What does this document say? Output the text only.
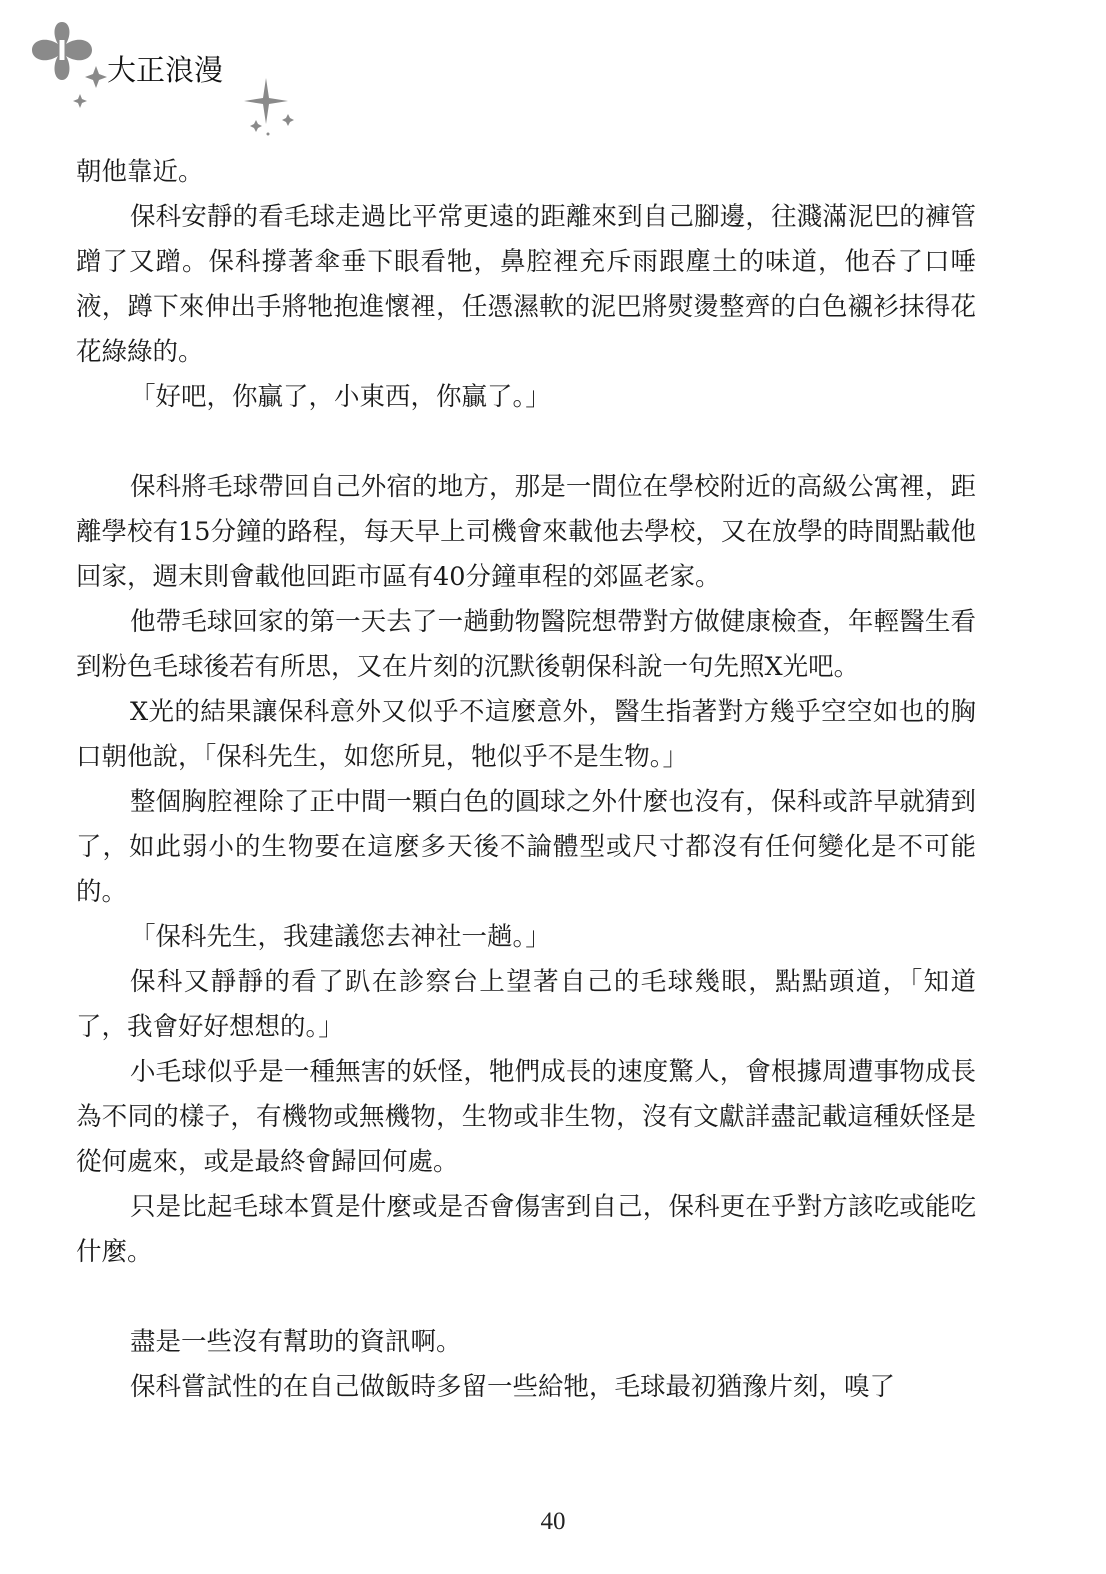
大正浪漫

朝他靠近。

保科安靜的看毛球走過比平常更遠的距離來到自己腳邊，往濺滿泥巴的褲管蹭了又蹭。保科撐著傘垂下眼看牠，鼻腔裡充斥雨跟塵土的味道，他吞了口唾液，蹲下來伸出手將牠抱進懷裡，任憑濕軟的泥巴將熨燙整齊的白色襯衫抹得花花綠綠的。

「好吧，你贏了，小東西，你贏了。」

保科將毛球帶回自己外宿的地方，那是一間位在學校附近的高級公寓裡，距離學校有15分鐘的路程，每天早上司機會來載他去學校，又在放學的時間點載他回家，週末則會載他回距市區有40分鐘車程的郊區老家。

他帶毛球回家的第一天去了一趟動物醫院想帶對方做健康檢查，年輕醫生看到粉色毛球後若有所思，又在片刻的沉默後朝保科說一句先照X光吧。

X光的結果讓保科意外又似乎不這麼意外，醫生指著對方幾乎空空如也的胸口朝他說，「保科先生，如您所見，牠似乎不是生物。」

整個胸腔裡除了正中間一顆白色的圓球之外什麼也沒有，保科或許早就猜到了，如此弱小的生物要在這麼多天後不論體型或尺寸都沒有任何變化是不可能的。

「保科先生，我建議您去神社一趟。」

保科又靜靜的看了趴在診察台上望著自己的毛球幾眼，點點頭道，「知道了，我會好好想想的。」

小毛球似乎是一種無害的妖怪，牠們成長的速度驚人，會根據周遭事物成長為不同的樣子，有機物或無機物，生物或非生物，沒有文獻詳盡記載這種妖怪是從何處來，或是最終會歸回何處。

只是比起毛球本質是什麼或是否會傷害到自己，保科更在乎對方該吃或能吃什麼。

盡是一些沒有幫助的資訊啊。

保科嘗試性的在自己做飯時多留一些給牠，毛球最初猶豫片刻，嗅了

40
